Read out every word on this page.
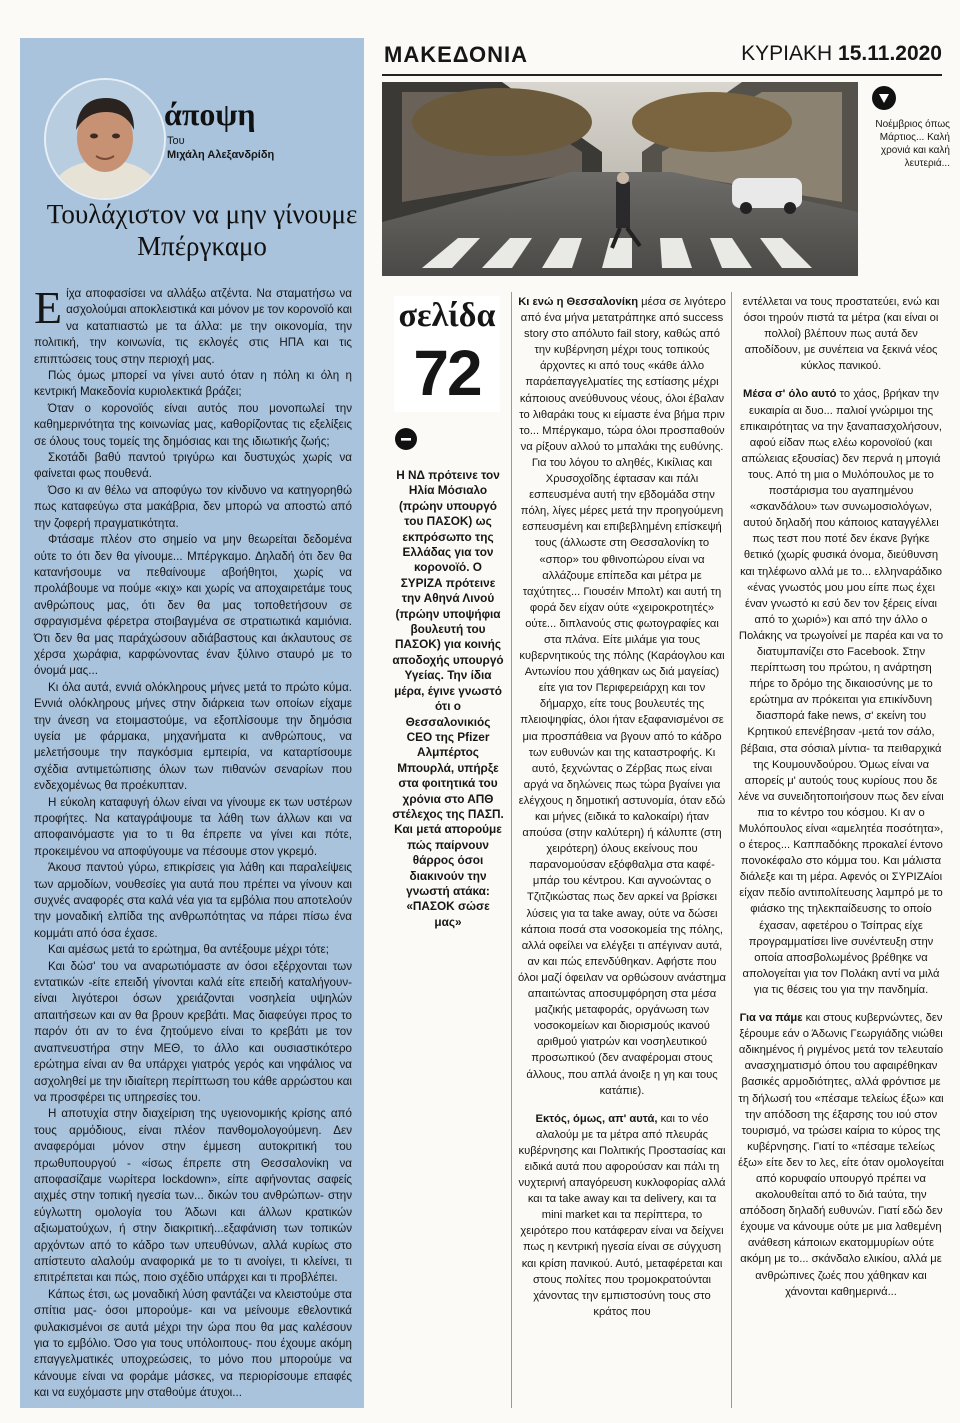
άποψη
Του
Μιχάλη Αλεξανδρίδη
Τουλάχιστον να μην γίνουμε Μπέργκαμο

Είχα αποφασίσει να αλλάξω ατζέντα. Να σταματήσω να ασχολούμαι αποκλειστικά και μόνον με τον κορονοϊό και να καταπιαστώ με τα άλλα: με την οικονομία, την πολιτική, την κοινωνία, τις εκλογές στις ΗΠΑ και τις επιπτώσεις τους στην περιοχή μας.

Πώς όμως μπορεί να γίνει αυτό όταν η πόλη κι όλη η κεντρική Μακεδονία κυριολεκτικά βράζει;

Όταν ο κορονοϊός είναι αυτός που μονοπωλεί την καθημερινότητα της κοινωνίας μας, καθορίζοντας τις εξελίξεις σε όλους τους τομείς της δημόσιας και της ιδιωτικής ζωής;

Σκοτάδι βαθύ παντού τριγύρω και δυστυχώς χωρίς να φαίνεται φως πουθενά.

Όσο κι αν θέλω να αποφύγω τον κίνδυνο να κατηγορηθώ πως καταφεύγω στα μακάβρια, δεν μπορώ να αποστώ από την ζοφερή πραγματικότητα.

Φτάσαμε πλέον στο σημείο να μην θεωρείται δεδομένα ούτε το ότι δεν θα γίνουμε... Μπέργκαμο. Δηλαδή ότι δεν θα κατανήσουμε να πεθαίνουμε αβοήθητοι, χωρίς να προλάβουμε να πούμε «κιχ» και χωρίς να αποχαιρετάμε τους ανθρώπους μας, ότι δεν θα μας τοποθετήσουν σε σφραγισμένα φέρετρα στοιβαγμένα σε στρατιωτικά καμιόνια. Ότι δεν θα μας παράχώσουν αδιάβαστους και άκλαυτους σε χέρσα χωράφια, καρφώνοντας έναν ξύλινο σταυρό με το όνομά μας...

Κι όλα αυτά, εννιά ολόκληρους μήνες μετά το πρώτο κύμα. Εννιά ολόκληρους μήνες στην διάρκεια των οποίων είχαμε την άνεση να ετοιμαστούμε, να εξοπλίσουμε την δημόσια υγεία με φάρμακα, μηχανήματα κι ανθρώπους, να μελετήσουμε την παγκόσμια εμπειρία, να καταρτίσουμε σχέδια αντιμετώπισης όλων των πιθανών σεναρίων που ενδεχομένως θα προέκυπταν.

Η εύκολη καταφυγή όλων είναι να γίνουμε εκ των υστέρων προφήτες. Να καταγράψουμε τα λάθη των άλλων και να αποφαινόμαστε για το τι θα έπρεπε να γίνει και πότε, προκειμένου να αποφύγουμε να πέσουμε στον γκρεμό.

Άκουσ παντού γύρω, επικρίσεις για λάθη και παραλείψεις των αρμοδίων, νουθεσίες για αυτά που πρέπει να γίνουν και συχνές αναφορές στα καλά νέα για τα εμβόλια που αποτελούν την μοναδική ελπίδα της ανθρωπότητας να πάρει πίσω ένα κομμάτι από όσα έχασε.

Και αμέσως μετά το ερώτημα, θα αντέξουμε μέχρι τότε;

Και δώσ' του να αναρωτιόμαστε αν όσοι εξέρχονται των εντατικών -είτε επειδή γίνονται καλά είτε επειδή καταλήγουν- είναι λιγότεροι όσων χρειάζονται νοσηλεία υψηλών απαιτήσεων και αν θα βρουν κρεβάτι. Μας διαφεύγει προς το παρόν ότι αν το ένα ζητούμενο είναι το κρεβάτι με τον αναπνευστήρα στην ΜΕΘ, το άλλο και ουσιαστικότερο ερώτημα είναι αν θα υπάρχει γιατρός γερός και νηφάλιος να ασχοληθεί με την ιδιαίτερη περίπτωση του κάθε αρρώστου και να προσφέρει τις υπηρεσίες του.

Η αποτυχία στην διαχείριση της υγειονομικής κρίσης από τους αρμόδιους, είναι πλέον πανθομολογούμενη. Δεν αναφερόμαι μόνον στην έμμεση αυτοκριτική του πρωθυπουργού - «ίσως έπρεπε στη Θεσσαλονίκη να αποφασίζαμε νωρίτερα lockdown», είπε αφήνοντας σαφείς αιχμές στην τοπική ηγεσία των... δικών του ανθρώπων- στην εύγλωττη ομολογία του Άδωνι και άλλων κρατικών αξιωματούχων, ή στην διακριτική...εξαφάνιση των τοπικών αρχόντων από το κάδρο των υπευθύνων, αλλά κυρίως στο απίστευτο αλαλούμ αναφορικά με το τι ανοίγει, τι κλείνει, τι επιτρέπεται και πώς, ποιο σχέδιο υπάρχει και τι προβλέπει.

Κάπως έτσι, ως μοναδική λύση φαντάζει να κλειστούμε στα σπίτια μας- όσοι μπορούμε- και να μείνουμε εθελοντικά φυλακισμένοι σε αυτά μέχρι την ώρα που θα μας καλέσουν για το εμβόλιο. Όσο για τους υπόλοιπους- που έχουμε ακόμη επαγγελματικές υποχρεώσεις, το μόνο που μπορούμε να κάνουμε είναι να φοράμε μάσκες, να περιορίσουμε επαφές και να ευχόμαστε μην σταθούμε άτυχοι...

ΜΑΚΕΔΟΝΙΑ	ΚΥΡΙΑΚΗ 15.11.2020
Νοέμβριος όπως Μάρτιος... Καλή χρονιά και καλή λευτεριά...
σελίδα
72
Η ΝΔ πρότεινε τον Ηλία Μόσιαλο (πρώην υπουργό του ΠΑΣΟΚ) ως εκπρόσωπο της Ελλάδας για τον κορονοϊό. Ο ΣΥΡΙΖΑ πρότεινε την Αθηνά Λινού (πρώην υποψήφια βουλευτή του ΠΑΣΟΚ) για κοινής αποδοχής υπουργό Υγείας. Την ίδια μέρα, έγινε γνωστό ότι ο Θεσσαλονικιός CEO της Pfizer Αλμπέρτος Μπουρλά, υπήρξε στα φοιτητικά του χρόνια στο ΑΠΘ στέλεχος της ΠΑΣΠ. Και μετά απορούμε πώς παίρνουν θάρρος όσοι διακινούν την γνωστή ατάκα: «ΠΑΣΟΚ σώσε μας»

Κι ενώ η Θεσσαλονίκη μέσα σε λιγότερο από ένα μήνα μετατράπηκε από success story στο απόλυτο fail story, καθώς από την κυβέρνηση μέχρι τους τοπικούς άρχοντες κι από τους «κάθε άλλο παράεπαγγελματίες της εστίασης μέχρι κάποιους ανεύθυνους νέους, όλοι έβαλαν το λιθαράκι τους κι είμαστε ένα βήμα πριν το... Μπέργκαμο, τώρα όλοι προσπαθούν να ρίξουν αλλού το μπαλάκι της ευθύνης.

Για του λόγου το αληθές, Κικίλιας και Χρυσοχοΐδης έφτασαν και πάλι εσπευσμένα αυτή την εβδομάδα στην πόλη, λίγες μέρες μετά την προηγούμενη εσπευσμένη και επιβεβλημένη επίσκεψή τους (άλλωστε στη Θεσσαλονίκη το «σπορ» του φθινοπώρου είναι να αλλάζουμε επίπεδα και μέτρα με ταχύτητες... Γιουσέιν Μπολτ) και αυτή τη φορά δεν είχαν ούτε «χειροκροτητές» ούτε... διπλανούς στις φωτογραφίες και στα πλάνα. Είτε μιλάμε για τους κυβερνητικούς της πόλης (Καράογλου και Αντωνίου που χάθηκαν ως διά μαγείας) είτε για τον Περιφερειάρχη και τον δήμαρχο, είτε τους βουλευτές της πλειοψηφίας, όλοι ήταν εξαφανισμένοι σε μια προσπάθεια να βγουν από το κάδρο των ευθυνών και της καταστροφής. Κι αυτό, ξεχνώντας ο Ζέρβας πως είναι αργά να δηλώνεις πως τώρα βγαίνει για ελέγχους η δημοτική αστυνομία, όταν εδώ και μήνες (ειδικά το καλοκαίρι) ήταν απούσα (στην καλύτερη) ή κάλυπτε (στη χειρότερη) όλους εκείνους που παρανομούσαν εξόφθαλμα στα καφέ-μπάρ του κέντρου. Και αγνοώντας ο Τζιτζικώστας πως δεν αρκεί να βρίσκει λύσεις για τα take away, ούτε να δώσει κάποια ποσά στα νοσοκομεία της πόλης, αλλά οφείλει να ελέγξει τι απέγιναν αυτά, αν και πώς επενδύθηκαν. Αφήστε που όλοι μαζί όφειλαν να ορθώσουν ανάστημα απαιτώντας αποσυμφόρηση στα μέσα μαζικής μεταφοράς, οργάνωση των νοσοκομείων και διορισμούς ικανού αριθμού γιατρών και νοσηλευτικού προσωπικού (δεν αναφέρομαι στους άλλους, που απλά άνοιξε η γη και τους κατάπιε).

Εκτός, όμως, απ' αυτά, και το νέο αλαλούμ με τα μέτρα από πλευράς κυβέρνησης και Πολιτικής Προστασίας και ειδικά αυτά που αφορούσαν και πάλι τη νυχτερινή απαγόρευση κυκλοφορίας αλλά και τα take away και τα delivery, και τα mini market και τα περίπτερα, το χειρότερο που κατάφεραν είναι να δείχνει πως η κεντρική ηγεσία είναι σε σύγχυση και κρίση πανικού. Αυτό, μεταφέρεται και στους πολίτες που τρομοκρατούνται χάνοντας την εμπιστοσύνη τους στο κράτος που

εντέλλεται να τους προστατεύει, ενώ και όσοι τηρούν πιστά τα μέτρα (και είναι οι πολλοί) βλέπουν πως αυτά δεν αποδίδουν, με συνέπεια να ξεκινά νέος κύκλος πανικού.

Μέσα σ' όλο αυτό το χάος, βρήκαν την ευκαιρία αι δυο... παλιοί γνώριμοι της επικαιρότητας να την ξαναπασχολήσουν, αφού είδαν πως ελέω κορονοϊού (και απώλειας εξουσίας) δεν περνά η μπογιά τους. Από τη μια ο Μυλόπουλος με το ποστάρισμα του αγαπημένου «σκανδάλου» των συνωμοσιολόγων, αυτού δηλαδή που κάποιος καταγγέλλει πως τεστ που ποτέ δεν έκανε βγήκε θετικό (χωρίς φυσικά όνομα, διεύθυνση και τηλέφωνο αλλά με το... ελληναράδικο «ένας γνωστός μου μου είπε πως έχει έναν γνωστό κι εσύ δεν τον ξέρεις είναι από το χωριό») και από την άλλο ο Πολάκης να τρωγοίνεί με παρέα και να το διατυμπανίζει στο Facebook. Στην περίπτωση του πρώτου, η ανάρτηση πήρε το δρόμο της δικαιοσύνης με το ερώτημα αν πρόκειται για επικίνδυνη διασπορά fake news, σ' εκείνη του Κρητικού επενέβησαν -μετά τον σάλο, βέβαια, στα σόσιαλ μίντια- τα πειθαρχικά της Κουμουνδούρου. Όμως είναι να απορείς μ' αυτούς τους κυρίους που δε λένε να συνειδητοποιήσουν πως δεν είναι πια το κέντρο του κόσμου. Κι αν ο Μυλόπουλος είναι «αμελητέα ποσότητα», ο έτερος... Καππαδόκης προκαλεί έντονο πονοκέφαλο στο κόμμα του. Και μάλιστα διάλεξε και τη μέρα. Αφενός οι ΣΥΡΙΖΑίοι είχαν πεδίο αντιπολίτευσης λαμπρό με το φιάσκο της τηλεκπαίδευσης το οποίο έχασαν, αφετέρου ο Τσίπρας είχε προγραμματίσει live συνέντευξη στην οποία αποσβολωμένος βρέθηκε να απολογείται για τον Πολάκη αντί να μιλά για τις θέσεις του για την πανδημία.

Για να πάμε και στους κυβερνώντες, δεν ξέρουμε εάν ο Άδωνις Γεωργιάδης νιώθει αδικημένος ή ριγμένος μετά τον τελευταίο ανασχηματισμό όπου του αφαιρέθηκαν βασικές αρμοδιότητες, αλλά φρόντισε με τη δήλωσή του «πέσαμε τελείως έξω» και την απόδοση της έξαρσης του ιού στον τουρισμό, να τρώσει καίρια το κύρος της κυβέρνησης. Γιατί το «πέσαμε τελείως έξω» είτε δεν το λες, είτε όταν ομολογείται από κορυφαίο υπουργό πρέπει να ακολουθείται από το διά ταύτα, την απόδοση δηλαδή ευθυνών. Γιατί εδώ δεν έχουμε να κάνουμε ούτε με μια λαθεμένη ανάθεση κάποιων εκατομμυρίων ούτε ακόμη με το... σκάνδαλο ελικίου, αλλά με ανθρώπινες ζωές που χάθηκαν και χάνονται καθημερινά...
